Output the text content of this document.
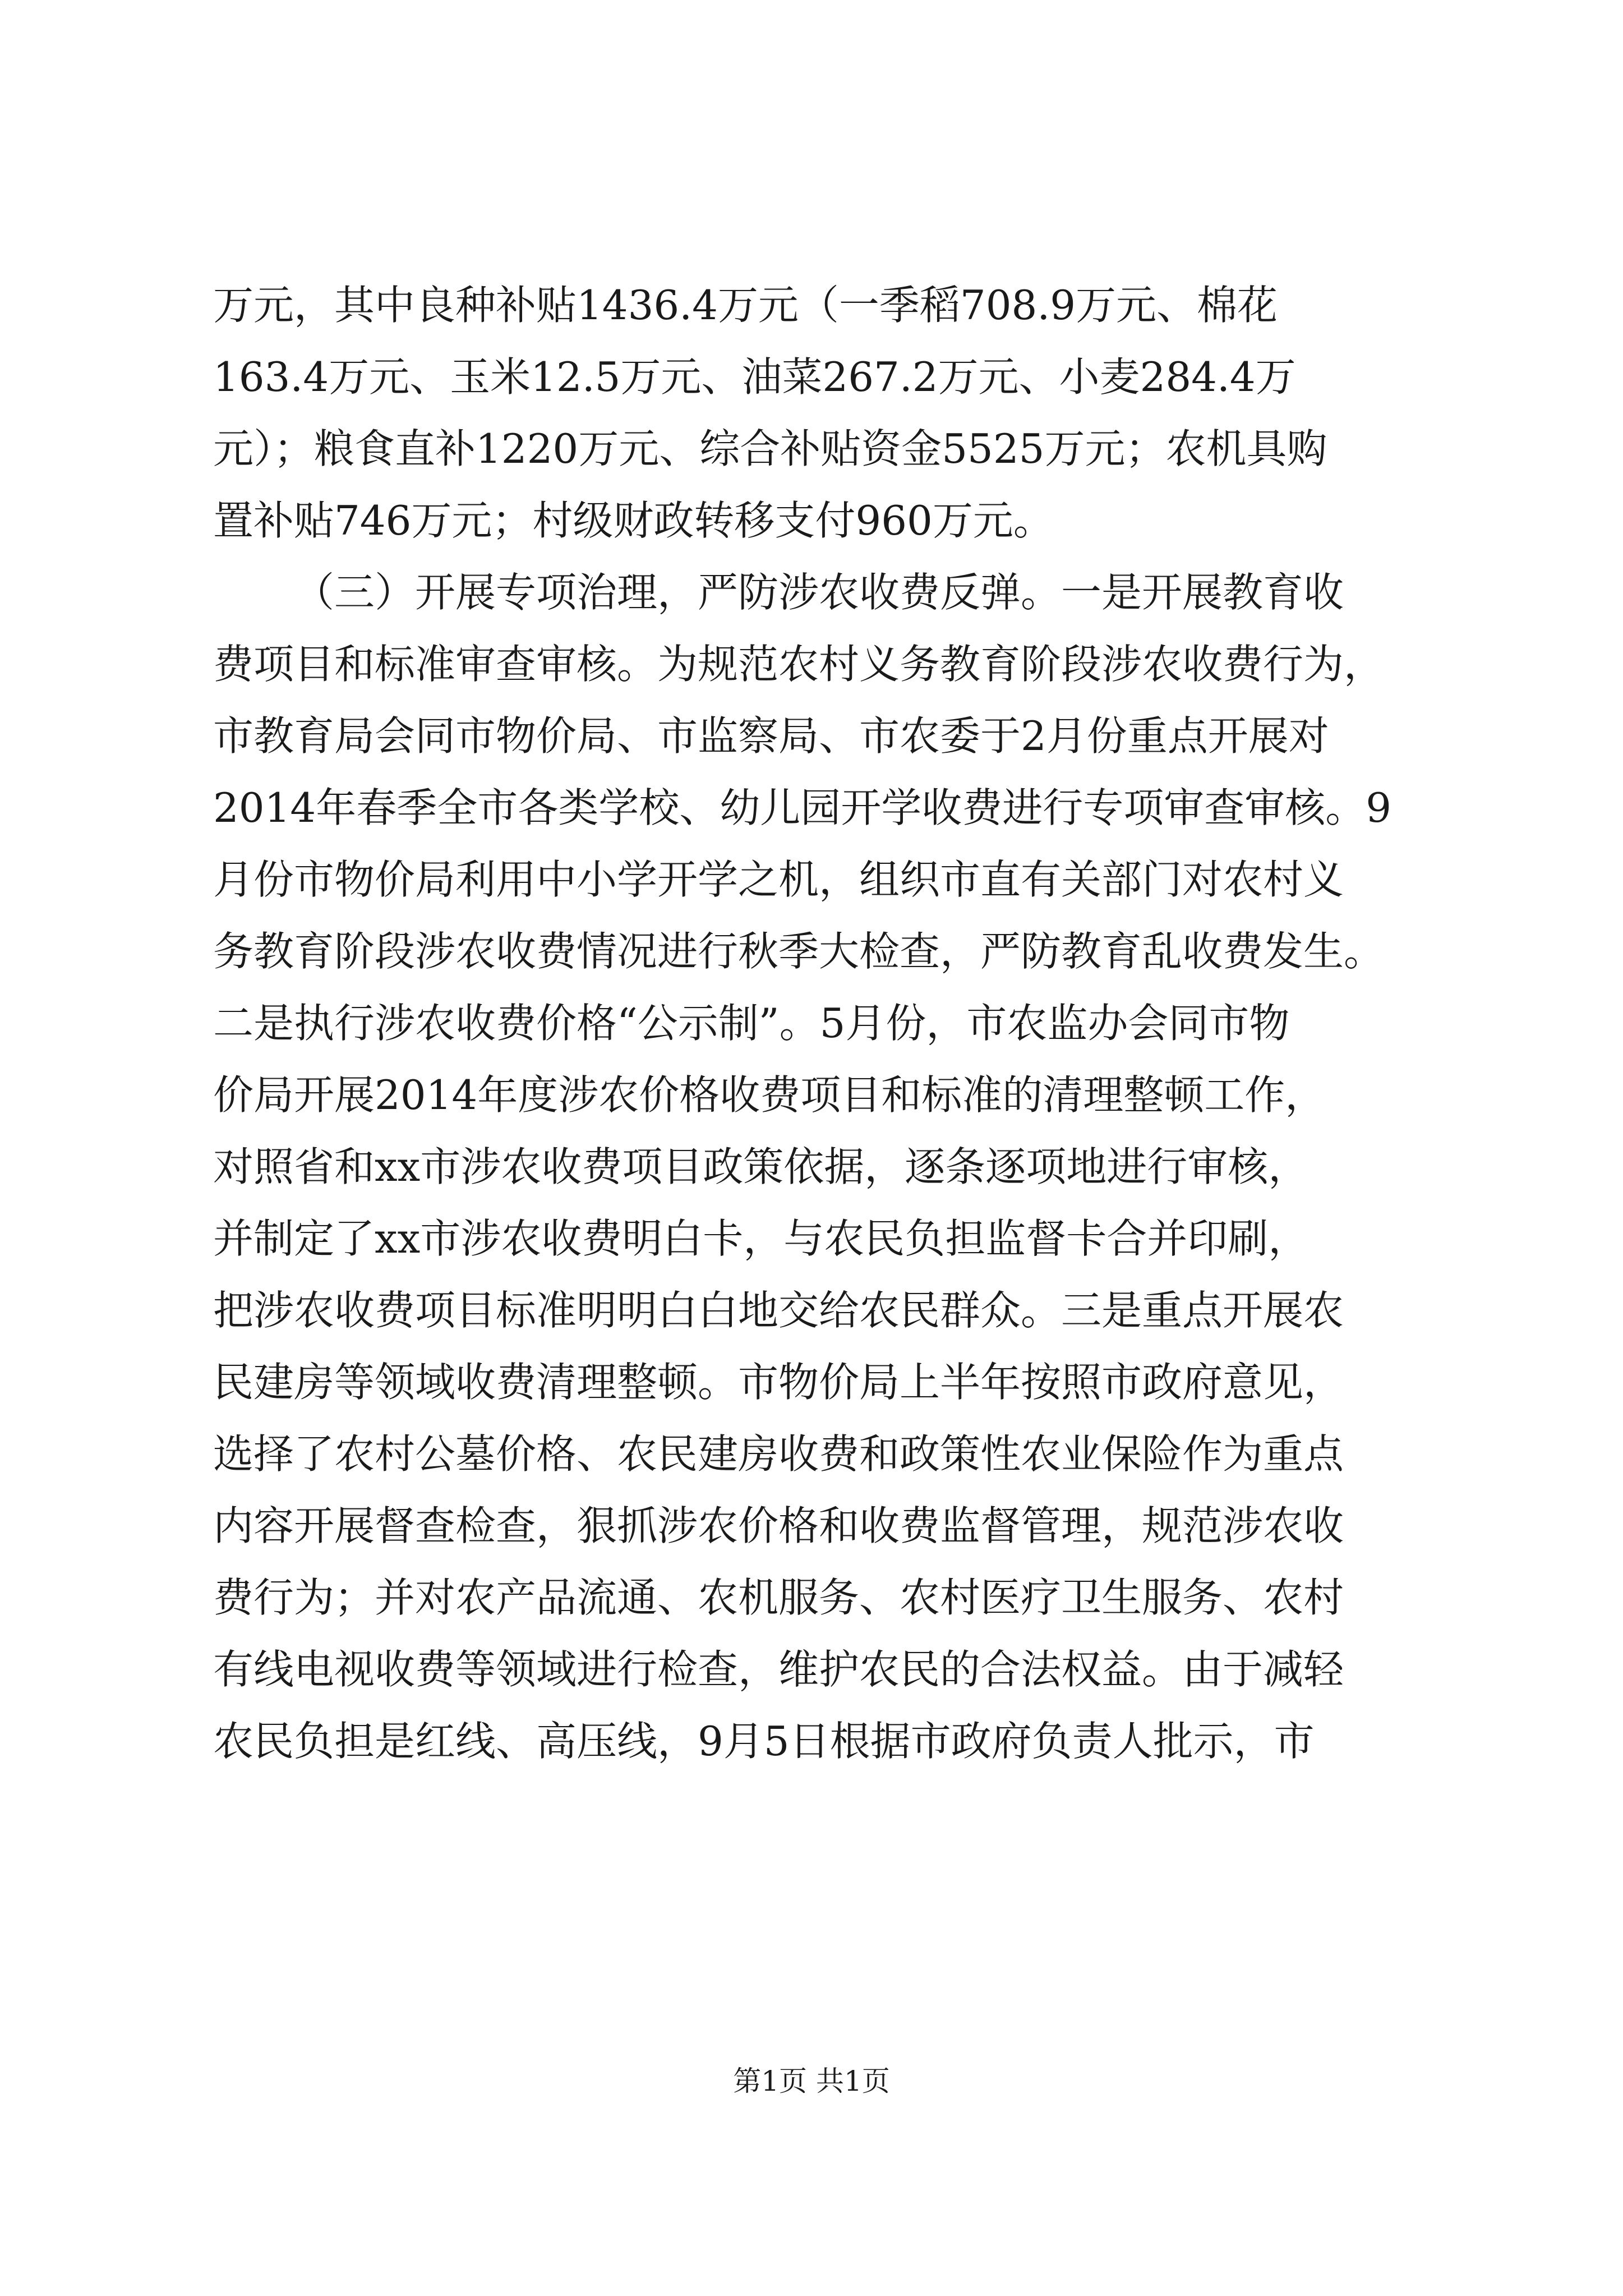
万元，其中良种补贴1436.4万元（一季稻708.9万元、棉花
163.4万元、玉米12.5万元、油菜267.2万元、小麦284.4万
元）；粮食直补1220万元、综合补贴资金5525万元；农机具购
置补贴746万元；村级财政转移支付960万元。
（三）开展专项治理，严防涉农收费反弹。一是开展教育收
费项目和标准审查审核。为规范农村义务教育阶段涉农收费行为，
市教育局会同市物价局、市监察局、市农委于2月份重点开展对
2014年春季全市各类学校、幼儿园开学收费进行专项审查审核。9
月份市物价局利用中小学开学之机，组织市直有关部门对农村义
务教育阶段涉农收费情况进行秋季大检查，严防教育乱收费发生。
二是执行涉农收费价格“公示制”。5月份，市农监办会同市物
价局开展2014年度涉农价格收费项目和标准的清理整顿工作，
对照省和xx市涉农收费项目政策依据，逐条逐项地进行审核，
并制定了xx市涉农收费明白卡，与农民负担监督卡合并印刷，
把涉农收费项目标准明明白白地交给农民群众。三是重点开展农
民建房等领域收费清理整顿。市物价局上半年按照市政府意见，
选择了农村公墓价格、农民建房收费和政策性农业保险作为重点
内容开展督查检查，狠抓涉农价格和收费监督管理，规范涉农收
费行为；并对农产品流通、农机服务、农村医疗卫生服务、农村
有线电视收费等领域进行检查，维护农民的合法权益。由于减轻
农民负担是红线、高压线，9月5日根据市政府负责人批示，市
第1页 共1页
